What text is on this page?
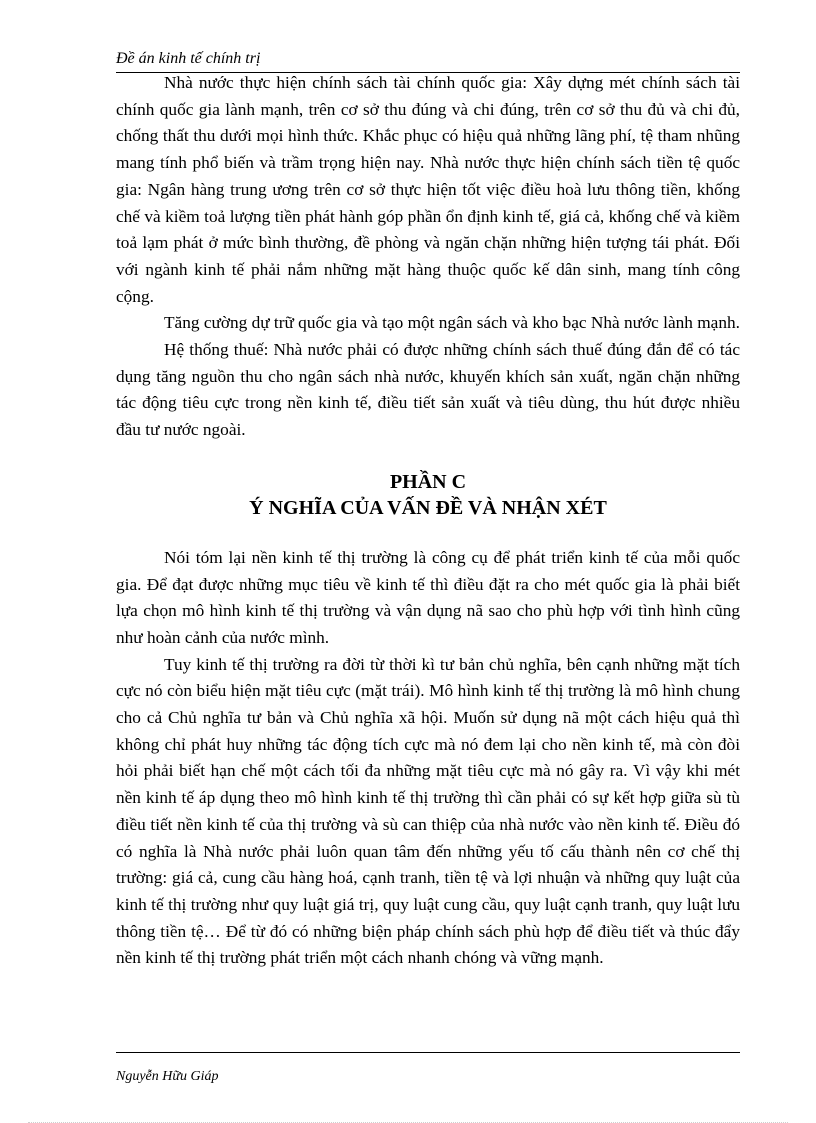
Đề án kinh tế chính trị

Nhà nước thực hiện chính sách tài chính quốc gia: Xây dựng mét chính sách tài chính quốc gia lành mạnh, trên cơ sở thu đúng và chi đúng, trên cơ sở thu đủ và chi đủ, chống thất thu dưới mọi hình thức. Khắc phục có hiệu quả những lãng phí, tệ tham nhũng mang tính phổ biến và trầm trọng hiện nay. Nhà nước thực hiện chính sách tiền tệ quốc gia: Ngân hàng trung ương trên cơ sở thực hiện tốt việc điều hoà lưu thông tiền, khống chế và kiềm toả lượng tiền phát hành góp phần ổn định kinh tế, giá cả, khống chế và kiềm toả lạm phát ở mức bình thường, đề phòng và ngăn chặn những hiện tượng tái phát. Đối với ngành kinh tế phải nắm những mặt hàng thuộc quốc kế dân sinh, mang tính công cộng.

Tăng cường dự trữ quốc gia và tạo một ngân sách và kho bạc Nhà nước lành mạnh.

Hệ thống thuế: Nhà nước phải có được những chính sách thuế đúng đắn để có tác dụng tăng nguồn thu cho ngân sách nhà nước, khuyến khích sản xuất, ngăn chặn những tác động tiêu cực trong nền kinh tế, điều tiết sản xuất và tiêu dùng, thu hút được nhiều đầu tư nước ngoài.

PHẦN C
Ý NGHĨA CỦA VẤN ĐỀ VÀ NHẬN XÉT

Nói tóm lại nền kinh tế thị trường là công cụ để phát triển kinh tế của mỗi quốc gia. Để đạt được những mục tiêu về kinh tế thì điều đặt ra cho mét quốc gia là phải biết lựa chọn mô hình kinh tế thị trường và vận dụng nã sao cho phù hợp với tình hình cũng như hoàn cảnh của nước mình.

Tuy kinh tế thị trường ra đời từ thời kì tư bản chủ nghĩa, bên cạnh những mặt tích cực nó còn biểu hiện mặt tiêu cực (mặt trái). Mô hình kinh tế thị trường là mô hình chung cho cả Chủ nghĩa tư bản và Chủ nghĩa xã hội. Muốn sử dụng nã một cách hiệu quả thì không chỉ phát huy những tác động tích cực mà nó đem lại cho nền kinh tế, mà còn đòi hỏi phải biết hạn chế một cách tối đa những mặt tiêu cực mà nó gây ra. Vì vậy khi mét nền kinh tế áp dụng theo mô hình kinh tế thị trường thì cần phải có sự kết hợp giữa sù tù điều tiết nền kinh tế của thị trường và sù can thiệp của nhà nước vào nền kinh tế. Điều đó có nghĩa là Nhà nước phải luôn quan tâm đến những yếu tố cấu thành nên cơ chế thị trường: giá cả, cung cầu hàng hoá, cạnh tranh, tiền tệ và lợi nhuận và những quy luật của kinh tế thị trường như quy luật giá trị, quy luật cung cầu, quy luật cạnh tranh, quy luật lưu thông tiền tệ… Để từ đó có những biện pháp chính sách phù hợp để điều tiết và thúc đẩy nền kinh tế thị trường phát triển một cách nhanh chóng và vững mạnh.

Nguyễn Hữu Giáp
